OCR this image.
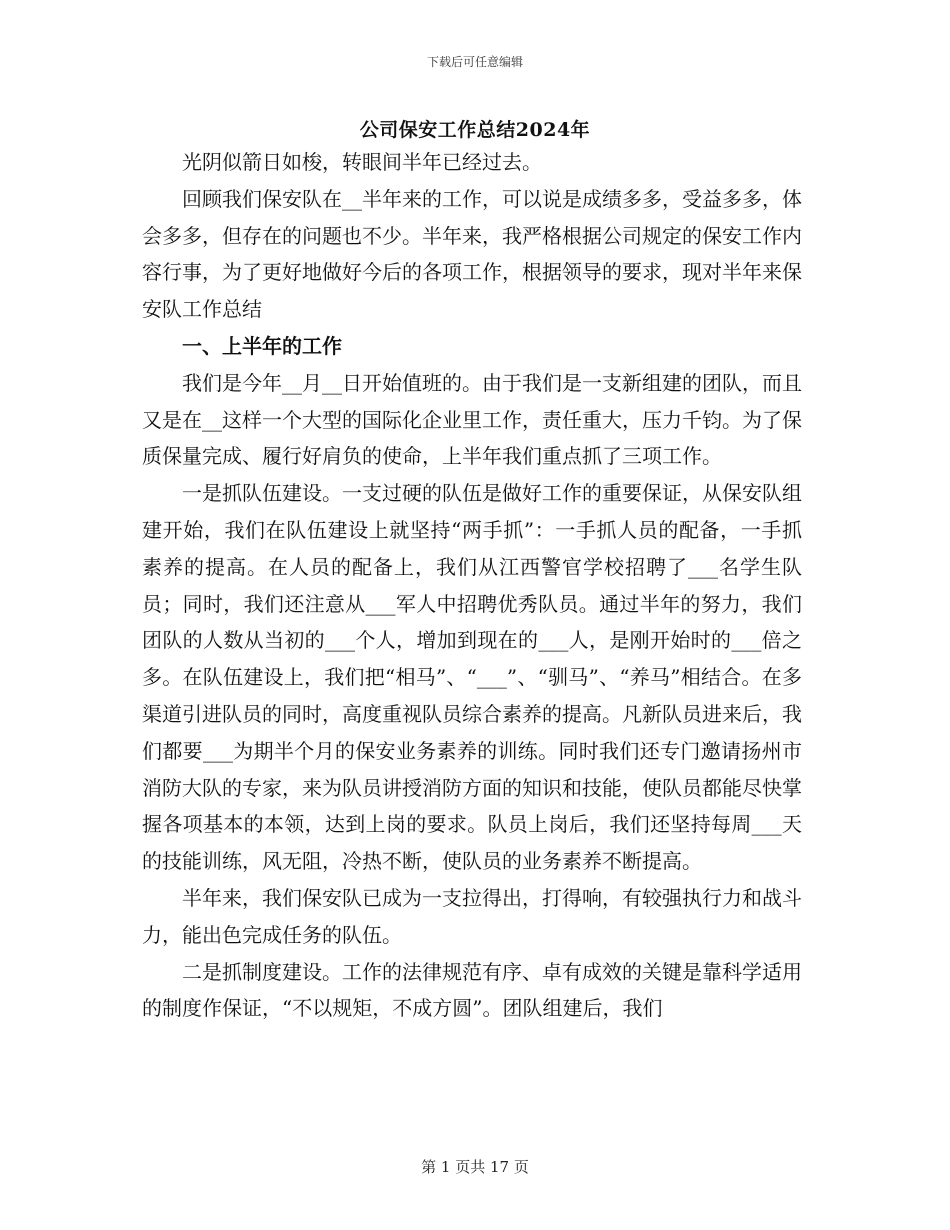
下载后可任意编辑
公司保安工作总结2024年

光阴似箭日如梭，转眼间半年已经过去。

回顾我们保安队在__半年来的工作，可以说是成绩多多，受益多多，体会多多，但存在的问题也不少。半年来，我严格根据公司规定的保安工作内容行事，为了更好地做好今后的各项工作，根据领导的要求，现对半年来保安队工作总结

一、上半年的工作

我们是今年__月__日开始值班的。由于我们是一支新组建的团队，而且又是在__这样一个大型的国际化企业里工作，责任重大，压力千钧。为了保质保量完成、履行好肩负的使命，上半年我们重点抓了三项工作。

一是抓队伍建设。一支过硬的队伍是做好工作的重要保证，从保安队组建开始，我们在队伍建设上就坚持“两手抓”：一手抓人员的配备，一手抓素养的提高。在人员的配备上，我们从江西警官学校招聘了___名学生队员；同时，我们还注意从___军人中招聘优秀队员。通过半年的努力，我们团队的人数从当初的___个人，增加到现在的___人，是刚开始时的___倍之多。在队伍建设上，我们把“相马”、“___”、“驯马”、“养马”相结合。在多渠道引进队员的同时，高度重视队员综合素养的提高。凡新队员进来后，我们都要___为期半个月的保安业务素养的训练。同时我们还专门邀请扬州市消防大队的专家，来为队员讲授消防方面的知识和技能，使队员都能尽快掌握各项基本的本领，达到上岗的要求。队员上岗后，我们还坚持每周___天的技能训练，风无阻，冷热不断，使队员的业务素养不断提高。

半年来，我们保安队已成为一支拉得出，打得响，有较强执行力和战斗力，能出色完成任务的队伍。

二是抓制度建设。工作的法律规范有序、卓有成效的关键是靠科学适用的制度作保证，“不以规矩，不成方圆”。团队组建后，我们

第 1 页共 17 页
